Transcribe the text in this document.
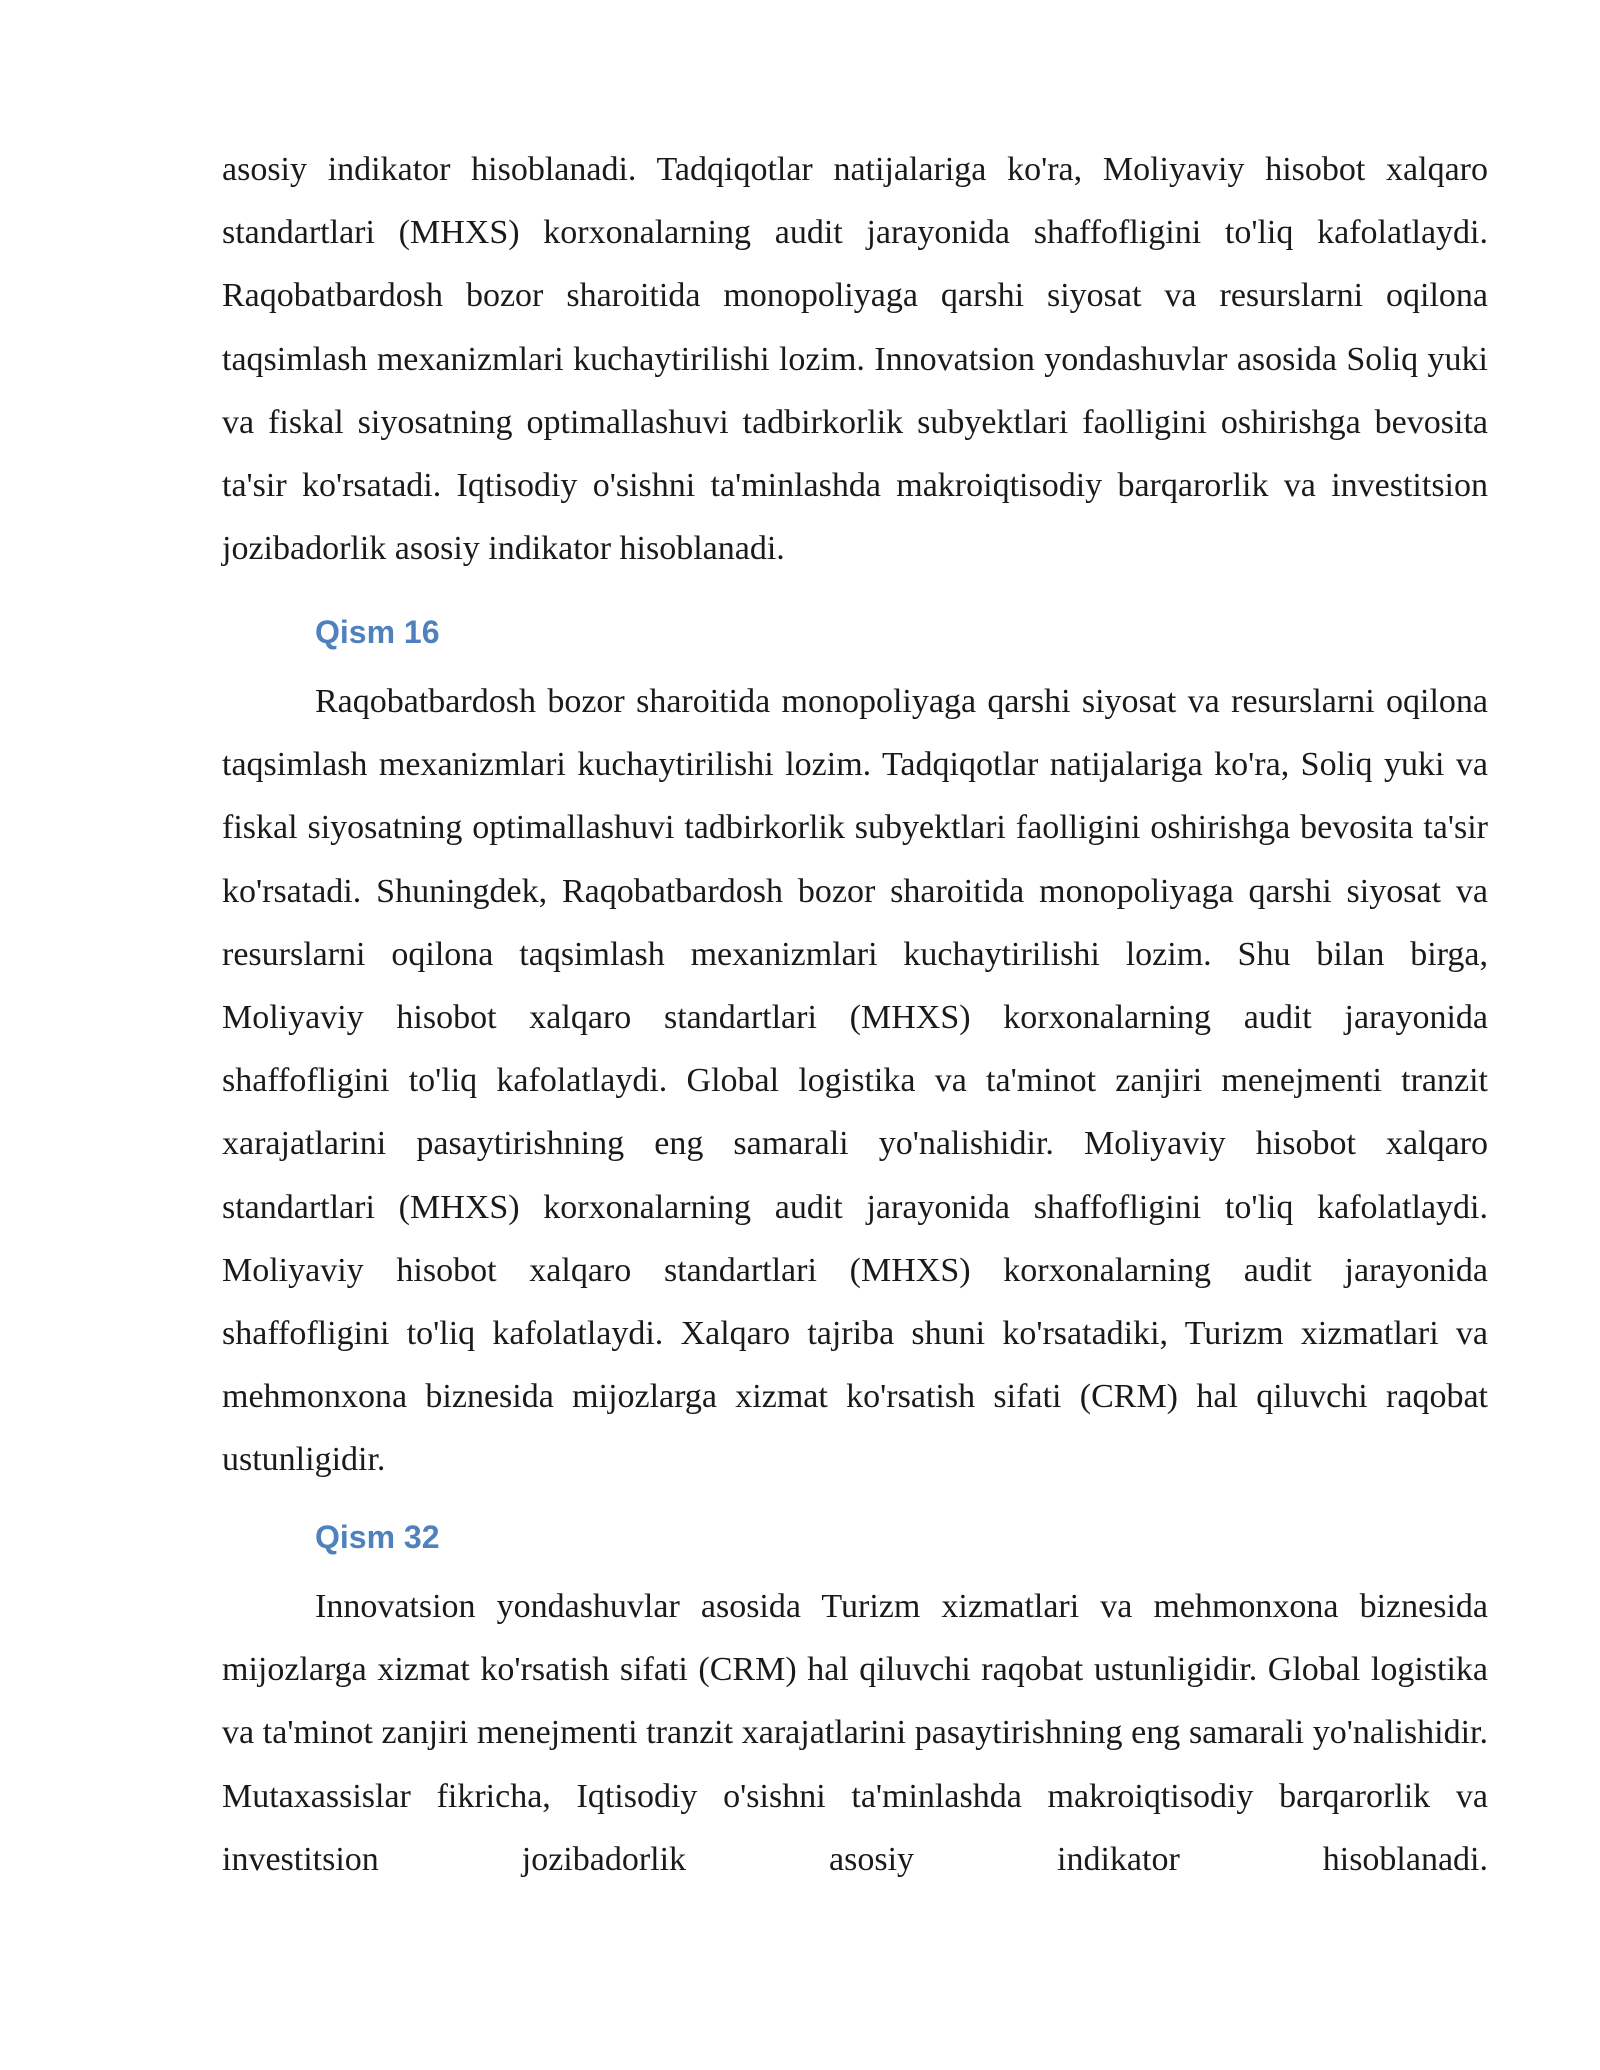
asosiy indikator hisoblanadi. Tadqiqotlar natijalariga ko'ra, Moliyaviy hisobot xalqaro standartlari (MHXS) korxonalarning audit jarayonida shaffofligini to'liq kafolatlaydi. Raqobatbardosh bozor sharoitida monopoliyaga qarshi siyosat va resurslarni oqilona taqsimlash mexanizmlari kuchaytirilishi lozim. Innovatsion yondashuvlar asosida Soliq yuki va fiskal siyosatning optimallashuvi tadbirkorlik subyektlari faolligini oshirishga bevosita ta'sir ko'rsatadi. Iqtisodiy o'sishni ta'minlashda makroiqtisodiy barqarorlik va investitsion jozibadorlik asosiy indikator hisoblanadi.

Qism 16

Raqobatbardosh bozor sharoitida monopoliyaga qarshi siyosat va resurslarni oqilona taqsimlash mexanizmlari kuchaytirilishi lozim. Tadqiqotlar natijalariga ko'ra, Soliq yuki va fiskal siyosatning optimallashuvi tadbirkorlik subyektlari faolligini oshirishga bevosita ta'sir ko'rsatadi. Shuningdek, Raqobatbardosh bozor sharoitida monopoliyaga qarshi siyosat va resurslarni oqilona taqsimlash mexanizmlari kuchaytirilishi lozim. Shu bilan birga, Moliyaviy hisobot xalqaro standartlari (MHXS) korxonalarning audit jarayonida shaffofligini to'liq kafolatlaydi. Global logistika va ta'minot zanjiri menejmenti tranzit xarajatlarini pasaytirishning eng samarali yo'nalishidir. Moliyaviy hisobot xalqaro standartlari (MHXS) korxonalarning audit jarayonida shaffofligini to'liq kafolatlaydi. Moliyaviy hisobot xalqaro standartlari (MHXS) korxonalarning audit jarayonida shaffofligini to'liq kafolatlaydi. Xalqaro tajriba shuni ko'rsatadiki, Turizm xizmatlari va mehmonxona biznesida mijozlarga xizmat ko'rsatish sifati (CRM) hal qiluvchi raqobat ustunligidir.

Qism 32

Innovatsion yondashuvlar asosida Turizm xizmatlari va mehmonxona biznesida mijozlarga xizmat ko'rsatish sifati (CRM) hal qiluvchi raqobat ustunligidir. Global logistika va ta'minot zanjiri menejmenti tranzit xarajatlarini pasaytirishning eng samarali yo'nalishidir. Mutaxassislar fikricha, Iqtisodiy o'sishni ta'minlashda makroiqtisodiy barqarorlik va investitsion jozibadorlik asosiy indikator hisoblanadi.
